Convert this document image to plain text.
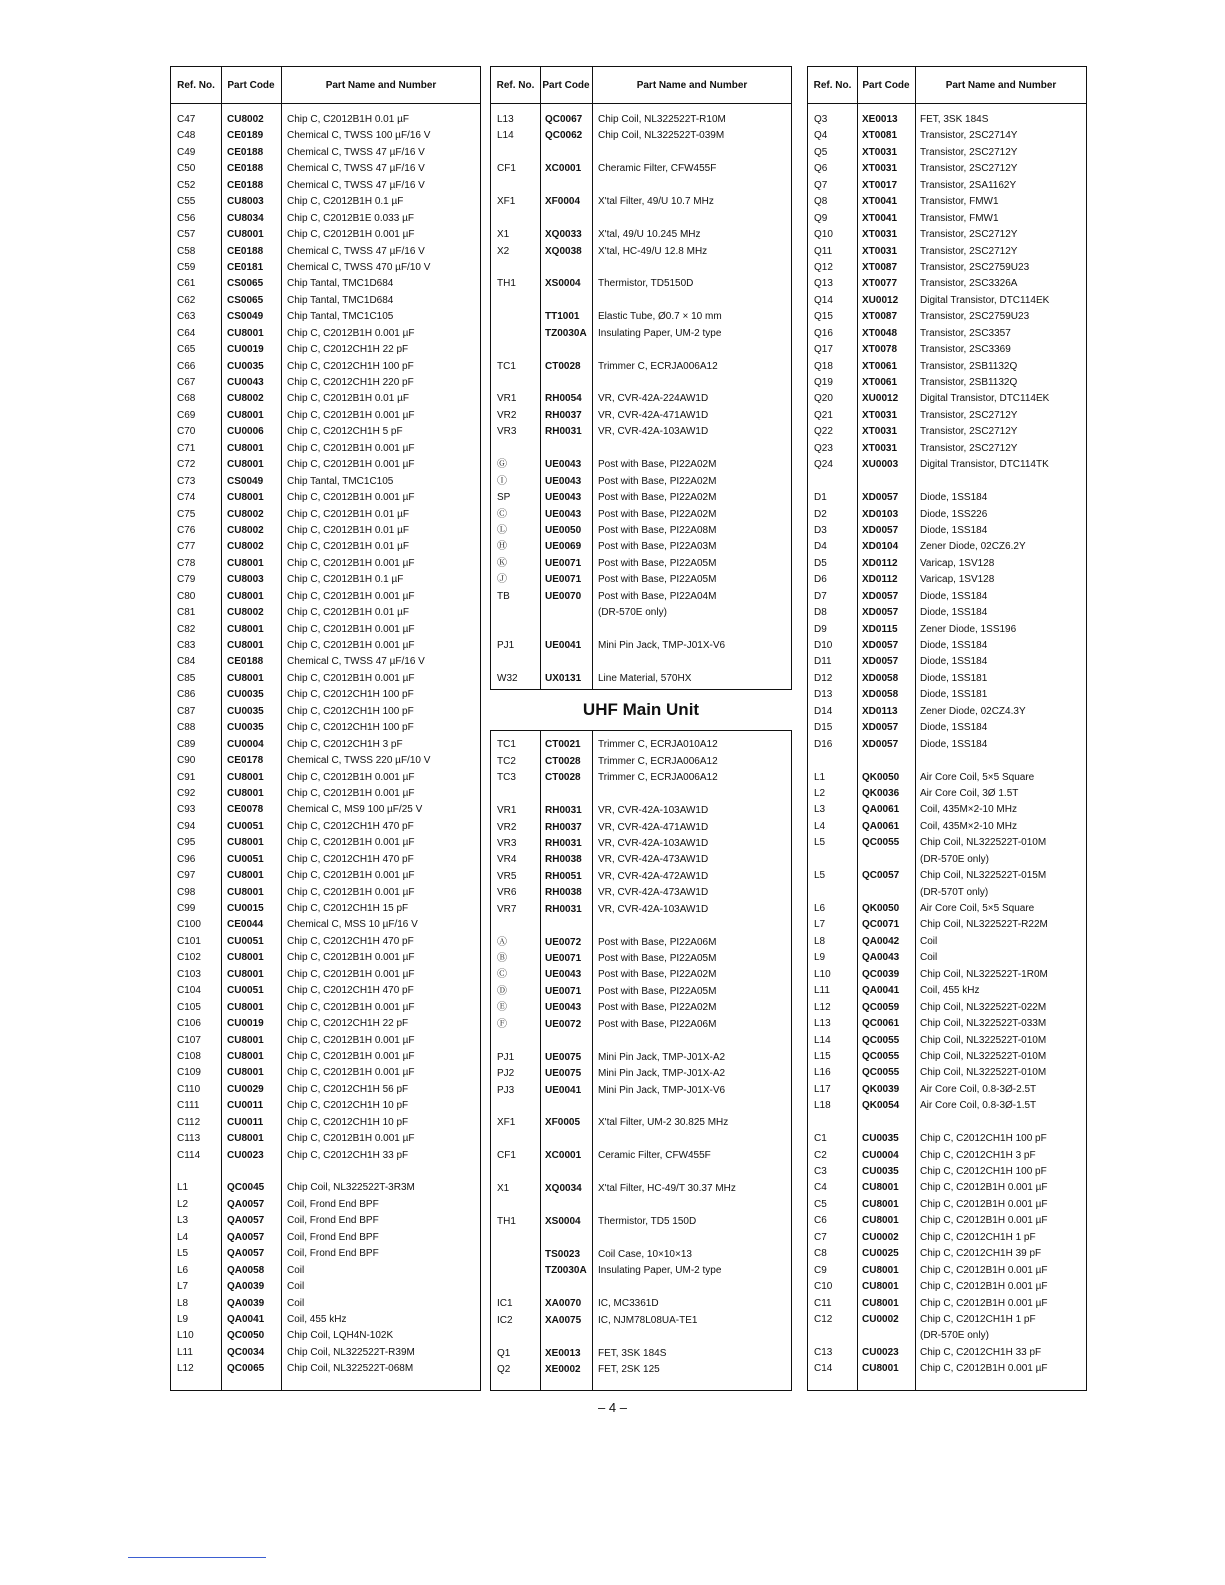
Ref. No.	Part Code	Part Name and Number
C47	CU8002 Chip C, C2012B1H 0.01 µF
C48	CE0189 Chemical C, TWSS 100 µF/16 V
C49	CE0188 Chemical C, TWSS 47 µF/16 V
C50	CE0188 Chemical C, TWSS 47 µF/16 V
C52	CE0188 Chemical C, TWSS 47 µF/16 V
C55	CU8003 Chip C, C2012B1H 0.1 µF
C56	CU8034 Chip C, C2012B1E 0.033 µF
C57	CU8001 Chip C, C2012B1H 0.001 µF
C58	CE0188 Chemical C, TWSS 47 µF/16 V
C59	CE0181 Chemical C, TWSS 470 µF/10 V
C61	CS0065 Chip Tantal, TMC1D684
C62	CS0065 Chip Tantal, TMC1D684
C63	CS0049 Chip Tantal, TMC1C105
C64	CU8001 Chip C, C2012B1H 0.001 µF
C65	CU0019 Chip C, C2012CH1H 22 pF
C66	CU0035 Chip C, C2012CH1H 100 pF
C67	CU0043 Chip C, C2012CH1H 220 pF
C68	CU8002 Chip C, C2012B1H 0.01 µF
C69	CU8001 Chip C, C2012B1H 0.001 µF
C70	CU0006 Chip C, C2012CH1H 5 pF
C71	CU8001 Chip C, C2012B1H 0.001 µF
C72	CU8001 Chip C, C2012B1H 0.001 µF
C73	CS0049 Chip Tantal, TMC1C105
C74	CU8001 Chip C, C2012B1H 0.001 µF
C75	CU8002 Chip C, C2012B1H 0.01 µF
C76	CU8002 Chip C, C2012B1H 0.01 µF
C77	CU8002 Chip C, C2012B1H 0.01 µF
C78	CU8001 Chip C, C2012B1H 0.001 µF
C79	CU8003 Chip C, C2012B1H 0.1 µF
C80	CU8001 Chip C, C2012B1H 0.001 µF
C81	CU8002 Chip C, C2012B1H 0.01 µF
C82	CU8001 Chip C, C2012B1H 0.001 µF
C83	CU8001 Chip C, C2012B1H 0.001 µF
C84	CE0188 Chemical C, TWSS 47 µF/16 V
C85	CU8001 Chip C, C2012B1H 0.001 µF
C86	CU0035 Chip C, C2012CH1H 100 pF
C87	CU0035 Chip C, C2012CH1H 100 pF
C88	CU0035 Chip C, C2012CH1H 100 pF
C89	CU0004 Chip C, C2012CH1H 3 pF
C90	CE0178 Chemical C, TWSS 220 µF/10 V
C91	CU8001 Chip C, C2012B1H 0.001 µF
C92	CU8001 Chip C, C2012B1H 0.001 µF
C93	CE0078 Chemical C, MS9 100 µF/25 V
C94	CU0051 Chip C, C2012CH1H 470 pF
C95	CU8001 Chip C, C2012B1H 0.001 µF
C96	CU0051 Chip C, C2012CH1H 470 pF
C97	CU8001 Chip C, C2012B1H 0.001 µF
C98	CU8001 Chip C, C2012B1H 0.001 µF
C99	CU0015 Chip C, C2012CH1H 15 pF
C100	CE0044 Chemical C, MSS 10 µF/16 V
C101	CU0051 Chip C, C2012CH1H 470 pF
C102	CU8001 Chip C, C2012B1H 0.001 µF
C103	CU8001 Chip C, C2012B1H 0.001 µF
C104	CU0051 Chip C, C2012CH1H 470 pF
C105	CU8001 Chip C, C2012B1H 0.001 µF
C106	CU0019 Chip C, C2012CH1H 22 pF
C107	CU8001 Chip C, C2012B1H 0.001 µF
C108	CU8001 Chip C, C2012B1H 0.001 µF
C109	CU8001 Chip C, C2012B1H 0.001 µF
C110	CU0029 Chip C, C2012CH1H 56 pF
C111	CU0011 Chip C, C2012CH1H 10 pF
C112	CU0011 Chip C, C2012CH1H 10 pF
C113	CU8001 Chip C, C2012B1H 0.001 µF
C114	CU0023 Chip C, C2012CH1H 33 pF
L1	QC0045 Chip Coil, NL322522T-3R3M
L2	QA0057 Coil, Frond End BPF
L3	QA0057 Coil, Frond End BPF
L4	QA0057 Coil, Frond End BPF
L5	QA0057 Coil, Frond End BPF
L6	QA0058 Coil
L7	QA0039 Coil
L8	QA0039 Coil
L9	QA0041 Coil, 455 kHz
L10	QC0050 Chip Coil, LQH4N-102K
L11	QC0034 Chip Coil, NL322522T-R39M
L12	QC0065 Chip Coil, NL322522T-068M
Ref. No. Part Code	Part Name and Number
L13	QC0067 Chip Coil, NL322522T-R10M
L14	QC0062 Chip Coil, NL322522T-039M
CF1	XC0001 Cheramic Filter, CFW455F
XF1	XF0004 X'tal Filter, 49/U 10.7 MHz
X1	XQ0033 X'tal, 49/U 10.245 MHz
X2	XQ0038 X'tal, HC-49/U 12.8 MHz
TH1	XS0004 Thermistor, TD5150D
TT1001 Elastic Tube, Ø0.7 × 10 mm
TZ0030A Insulating Paper, UM-2 type
TC1	CT0028 Trimmer C, ECRJA006A12
VR1	RH0054 VR, CVR-42A-224AW1D
VR2	RH0037 VR, CVR-42A-471AW1D
VR3	RH0031 VR, CVR-42A-103AW1D
Ⓖ	UE0043 Post with Base, PI22A02M
Ⓘ	UE0043 Post with Base, PI22A02M
SP	UE0043 Post with Base, PI22A02M
Ⓒ	UE0043 Post with Base, PI22A02M
Ⓛ	UE0050 Post with Base, PI22A08M
Ⓗ	UE0069 Post with Base, PI22A03M
Ⓚ	UE0071 Post with Base, PI22A05M
Ⓙ	UE0071 Post with Base, PI22A05M
TB	UE0070 Post with Base, PI22A04M
(DR-570E only)
PJ1	UE0041 Mini Pin Jack, TMP-J01X-V6
W32	UX0131 Line Material, 570HX
UHF Main Unit
TC1	CT0021 Trimmer C, ECRJA010A12
TC2	CT0028 Trimmer C, ECRJA006A12
TC3	CT0028 Trimmer C, ECRJA006A12
VR1	RH0031 VR, CVR-42A-103AW1D
VR2	RH0037 VR, CVR-42A-471AW1D
VR3	RH0031 VR, CVR-42A-103AW1D
VR4	RH0038 VR, CVR-42A-473AW1D
VR5	RH0051 VR, CVR-42A-472AW1D
VR6	RH0038 VR, CVR-42A-473AW1D
VR7	RH0031 VR, CVR-42A-103AW1D
Ⓐ	UE0072 Post with Base, PI22A06M
Ⓑ	UE0071 Post with Base, PI22A05M
Ⓒ	UE0043 Post with Base, PI22A02M
Ⓓ	UE0071 Post with Base, PI22A05M
Ⓔ	UE0043 Post with Base, PI22A02M
Ⓕ	UE0072 Post with Base, PI22A06M
PJ1	UE0075 Mini Pin Jack, TMP-J01X-A2
PJ2	UE0075 Mini Pin Jack, TMP-J01X-A2
PJ3	UE0041 Mini Pin Jack, TMP-J01X-V6
XF1	XF0005 X'tal Filter, UM-2 30.825 MHz
CF1	XC0001 Ceramic Filter, CFW455F
X1	XQ0034 X'tal Filter, HC-49/T 30.37 MHz
TH1	XS0004 Thermistor, TD5 150D
TS0023 Coil Case, 10×10×13
TZ0030A Insulating Paper, UM-2 type
IC1	XA0070 IC, MC3361D
IC2	XA0075 IC, NJM78L08UA-TE1
Q1	XE0013 FET, 3SK 184S
Q2	XE0002 FET, 2SK 125
Ref. No.	Part Code	Part Name and Number
Q3	XE0013 FET, 3SK 184S
Q4	XT0081 Transistor, 2SC2714Y
Q5	XT0031 Transistor, 2SC2712Y
Q6	XT0031 Transistor, 2SC2712Y
Q7	XT0017 Transistor, 2SA1162Y
Q8	XT0041 Transistor, FMW1
Q9	XT0041 Transistor, FMW1
Q10	XT0031 Transistor, 2SC2712Y
Q11	XT0031 Transistor, 2SC2712Y
Q12	XT0087 Transistor, 2SC2759U23
Q13	XT0077 Transistor, 2SC3326A
Q14	XU0012 Digital Transistor, DTC114EK
Q15	XT0087 Transistor, 2SC2759U23
Q16	XT0048 Transistor, 2SC3357
Q17	XT0078 Transistor, 2SC3369
Q18	XT0061 Transistor, 2SB1132Q
Q19	XT0061 Transistor, 2SB1132Q
Q20	XU0012 Digital Transistor, DTC114EK
Q21	XT0031 Transistor, 2SC2712Y
Q22	XT0031 Transistor, 2SC2712Y
Q23	XT0031 Transistor, 2SC2712Y
Q24	XU0003 Digital Transistor, DTC114TK
D1	XD0057 Diode, 1SS184
D2	XD0103 Diode, 1SS226
D3	XD0057 Diode, 1SS184
D4	XD0104 Zener Diode, 02CZ6.2Y
D5	XD0112 Varicap, 1SV128
D6	XD0112 Varicap, 1SV128
D7	XD0057 Diode, 1SS184
D8	XD0057 Diode, 1SS184
D9	XD0115 Zener Diode, 1SS196
D10	XD0057 Diode, 1SS184
D11	XD0057 Diode, 1SS184
D12	XD0058 Diode, 1SS181
D13	XD0058 Diode, 1SS181
D14	XD0113 Zener Diode, 02CZ4.3Y
D15	XD0057 Diode, 1SS184
D16	XD0057 Diode, 1SS184
L1	QK0050 Air Core Coil, 5×5 Square
L2	QK0036 Air Core Coil, 3Ø 1.5T
L3	QA0061 Coil, 435M×2-10 MHz
L4	QA0061 Coil, 435M×2-10 MHz
L5	QC0055 Chip Coil, NL322522T-010M
(DR-570E only)
L5	QC0057 Chip Coil, NL322522T-015M
(DR-570T only)
L6	QK0050 Air Core Coil, 5×5 Square
L7	QC0071 Chip Coil, NL322522T-R22M
L8	QA0042 Coil
L9	QA0043 Coil
L10	QC0039 Chip Coil, NL322522T-1R0M
L11	QA0041 Coil, 455 kHz
L12	QC0059 Chip Coil, NL322522T-022M
L13	QC0061 Chip Coil, NL322522T-033M
L14	QC0055 Chip Coil, NL322522T-010M
L15	QC0055 Chip Coil, NL322522T-010M
L16	QC0055 Chip Coil, NL322522T-010M
L17	QK0039 Air Core Coil, 0.8-3Ø-2.5T
L18	QK0054 Air Core Coil, 0.8-3Ø-1.5T
C1	CU0035 Chip C, C2012CH1H 100 pF
C2	CU0004 Chip C, C2012CH1H 3 pF
C3	CU0035 Chip C, C2012CH1H 100 pF
C4	CU8001 Chip C, C2012B1H 0.001 µF
C5	CU8001 Chip C, C2012B1H 0.001 µF
C6	CU8001 Chip C, C2012B1H 0.001 µF
C7	CU0002 Chip C, C2012CH1H 1 pF
C8	CU0025 Chip C, C2012CH1H 39 pF
C9	CU8001 Chip C, C2012B1H 0.001 µF
C10	CU8001 Chip C, C2012B1H 0.001 µF
C11	CU8001 Chip C, C2012B1H 0.001 µF
C12	CU0002 Chip C, C2012CH1H 1 pF
(DR-570E only)
C13	CU0023 Chip C, C2012CH1H 33 pF
C14	CU8001 Chip C, C2012B1H 0.001 µF
– 4 –
